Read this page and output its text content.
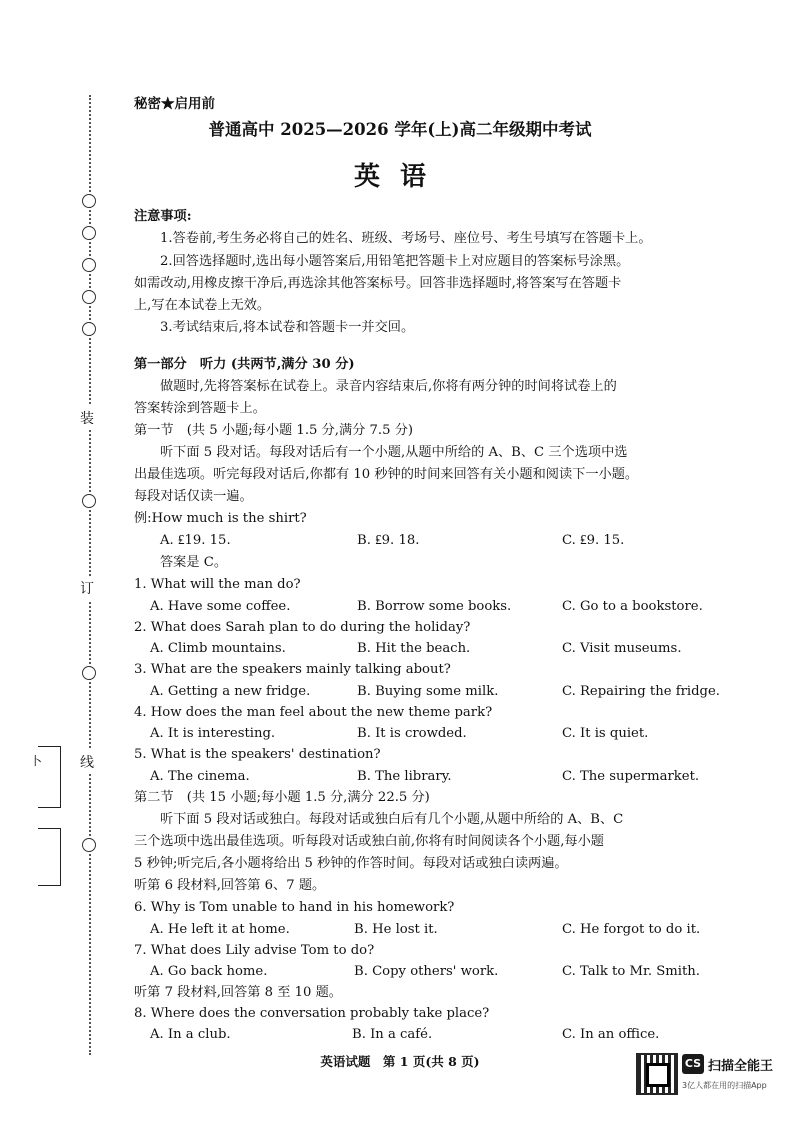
装
订
线
卜
秘密★启用前
普通高中 2025—2026 学年(上)高二年级期中考试
英语
注意事项:
1.答卷前,考生务必将自己的姓名、班级、考场号、座位号、考生号填写在答题卡上。
2.回答选择题时,选出每小题答案后,用铅笔把答题卡上对应题目的答案标号涂黑。
如需改动,用橡皮擦干净后,再选涂其他答案标号。回答非选择题时,将答案写在答题卡
上,写在本试卷上无效。
3.考试结束后,将本试卷和答题卡一并交回。
第一部分　听力 (共两节,满分 30 分)
做题时,先将答案标在试卷上。录音内容结束后,你将有两分钟的时间将试卷上的
答案转涂到答题卡上。
第一节　(共 5 小题;每小题 1.5 分,满分 7.5 分)
听下面 5 段对话。每段对话后有一个小题,从题中所给的 A、B、C 三个选项中选
出最佳选项。听完每段对话后,你都有 10 秒钟的时间来回答有关小题和阅读下一小题。
每段对话仅读一遍。
例:How much is the shirt?
A. ₤19. 15.	B. ₤9. 18.	C. ₤9. 15.
答案是 C。
1. What will the man do?
A. Have some coffee.	B. Borrow some books.	C. Go to a bookstore.
2. What does Sarah plan to do during the holiday?
A. Climb mountains.	B. Hit the beach.	C. Visit museums.
3. What are the speakers mainly talking about?
A. Getting a new fridge.	B. Buying some milk.	C. Repairing the fridge.
4. How does the man feel about the new theme park?
A. It is interesting.	B. It is crowded.	C. It is quiet.
5. What is the speakers' destination?
A. The cinema.	B. The library.	C. The supermarket.
第二节　(共 15 小题;每小题 1.5 分,满分 22.5 分)
听下面 5 段对话或独白。每段对话或独白后有几个小题,从题中所给的 A、B、C
三个选项中选出最佳选项。听每段对话或独白前,你将有时间阅读各个小题,每小题
5 秒钟;听完后,各小题将给出 5 秒钟的作答时间。每段对话或独白读两遍。
听第 6 段材料,回答第 6、7 题。
6. Why is Tom unable to hand in his homework?
A. He left it at home.	B. He lost it.	C. He forgot to do it.
7. What does Lily advise Tom to do?
A. Go back home.	B. Copy others' work.	C. Talk to Mr. Smith.
听第 7 段材料,回答第 8 至 10 题。
8. Where does the conversation probably take place?
A. In a club.	B. In a café.	C. In an office.
英语试题　第 1 页(共 8 页)	CS 扫描全能王
3亿人都在用的扫描App
